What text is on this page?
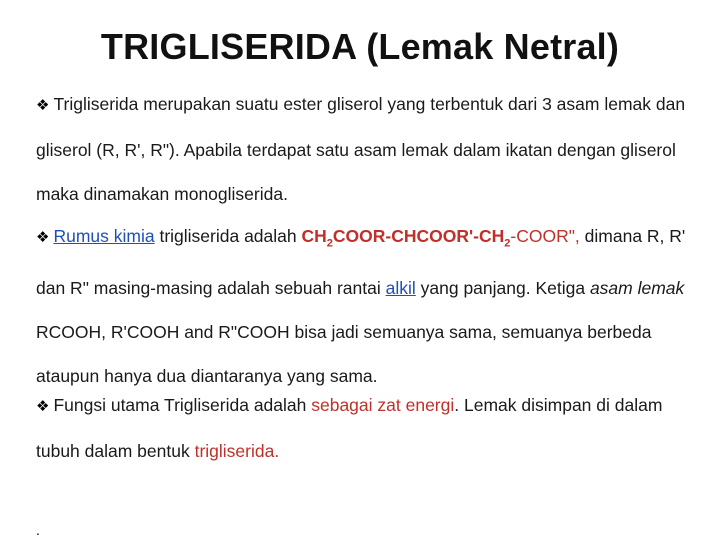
TRIGLISERIDA (Lemak Netral)

❖ Trigliserida merupakan suatu ester gliserol yang terbentuk dari 3 asam lemak dan gliserol (R, R', R"). Apabila terdapat satu asam lemak dalam ikatan dengan gliserol maka dinamakan monogliserida.

❖ Rumus kimia trigliserida adalah $CH_2COOR-CHCOOR'-CH_2$-COOR", dimana R, R' dan R" masing-masing adalah sebuah rantai alkil yang panjang. Ketiga asam lemak RCOOH, R'COOH and R"COOH bisa jadi semuanya sama, semuanya berbeda ataupun hanya dua diantaranya yang sama.

❖ Fungsi utama Trigliserida adalah sebagai zat energi. Lemak disimpan di dalam tubuh dalam bentuk trigliserida.

.
